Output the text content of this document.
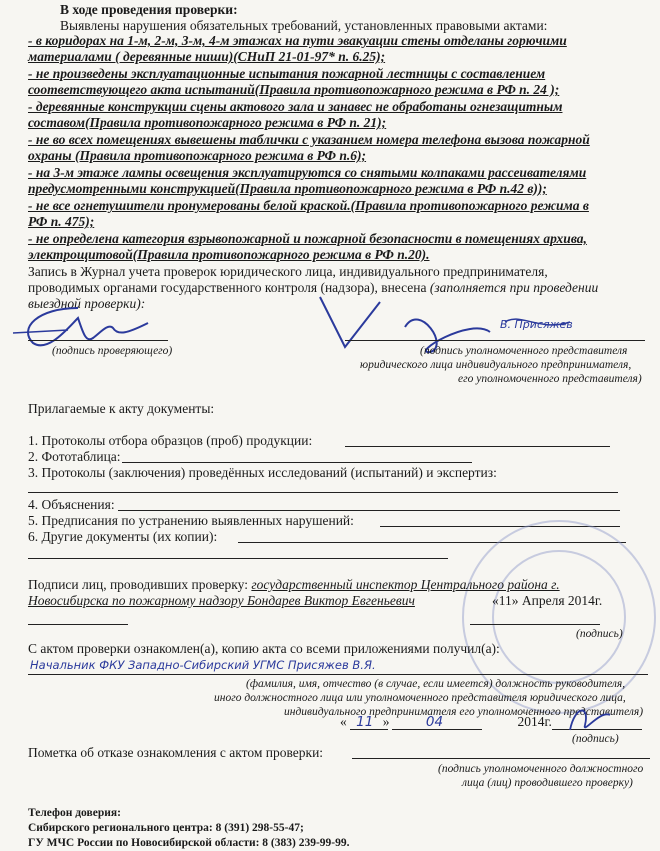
В ходе проведения проверки:
Выявлены нарушения обязательных требований, установленных правовыми актами:
- в коридорах на 1-м, 2-м, 3-м, 4-м этажах на пути эвакуации стены отделаны горючими
материалами ( деревянные ниши)(СНиП 21-01-97* п. 6.25);
- не произведены эксплуатационные испытания пожарной лестницы с составлением
соответствующего акта испытаний(Правила противопожарного режима в РФ п. 24 );
- деревянные конструкции сцены актового зала и занавес не обработаны огнезащитным
составом(Правила противопожарного режима в РФ п. 21);
- не во всех помещениях вывешены таблички с указанием номера телефона вызова пожарной
охраны (Правила противопожарного режима в РФ п.6);
- на 3-м этаже лампы освещения эксплуатируются со снятыми колпаками рассеивателями
предусмотренными конструкцией(Правила противопожарного режима в РФ п.42 в));
- не все огнетушители пронумерованы белой краской.(Правила противопожарного режима в
РФ п. 475);
- не определена категория взрывопожарной и пожарной безопасности в помещениях архива,
электрощитовой(Правила противопожарного режима в РФ п.20).
Запись в Журнал учета проверок юридического лица, индивидуального предпринимателя,
проводимых органами государственного контроля (надзора), внесена (заполняется при проведении
выездной проверки):
В. Присяжев
(подпись проверяющего)	(подпись уполномоченного представителя
юридического лица индивидуального предпринимателя,
его уполномоченного представителя)
Прилагаемые к акту документы:
1. Протоколы отбора образцов (проб) продукции:
2. Фототаблица:
3. Протоколы (заключения) проведённых исследований (испытаний) и экспертиз:
4. Объяснения:
5. Предписания по устранению выявленных нарушений:
6. Другие документы (их копии):
Подписи лиц, проводивших проверку: государственный инспектор Центрального района г.
Новосибирска по пожарному надзору Бондарев Виктор Евгеньевич	«11» Апреля 2014г.
(подпись)
С актом проверки ознакомлен(а), копию акта со всеми приложениями получил(а):
Начальник ФКУ Западно-Сибирский УГМС Присяжев В.Я.
(фамилия, имя, отчество (в случае, если имеется) должность руководителя,
иного должностного лица или уполномоченного представителя юридического лица,
индивидуального предпринимателя его уполномоченного представителя)
« 11 »	04	2014г.
(подпись)
Пометка об отказе ознакомления с актом проверки:
(подпись уполномоченного должностного
лица (лиц) проводившего проверку)
Телефон доверия:
Сибирского регионального центра: 8 (391) 298-55-47;
ГУ МЧС России по Новосибирской области: 8 (383) 239-99-99.
